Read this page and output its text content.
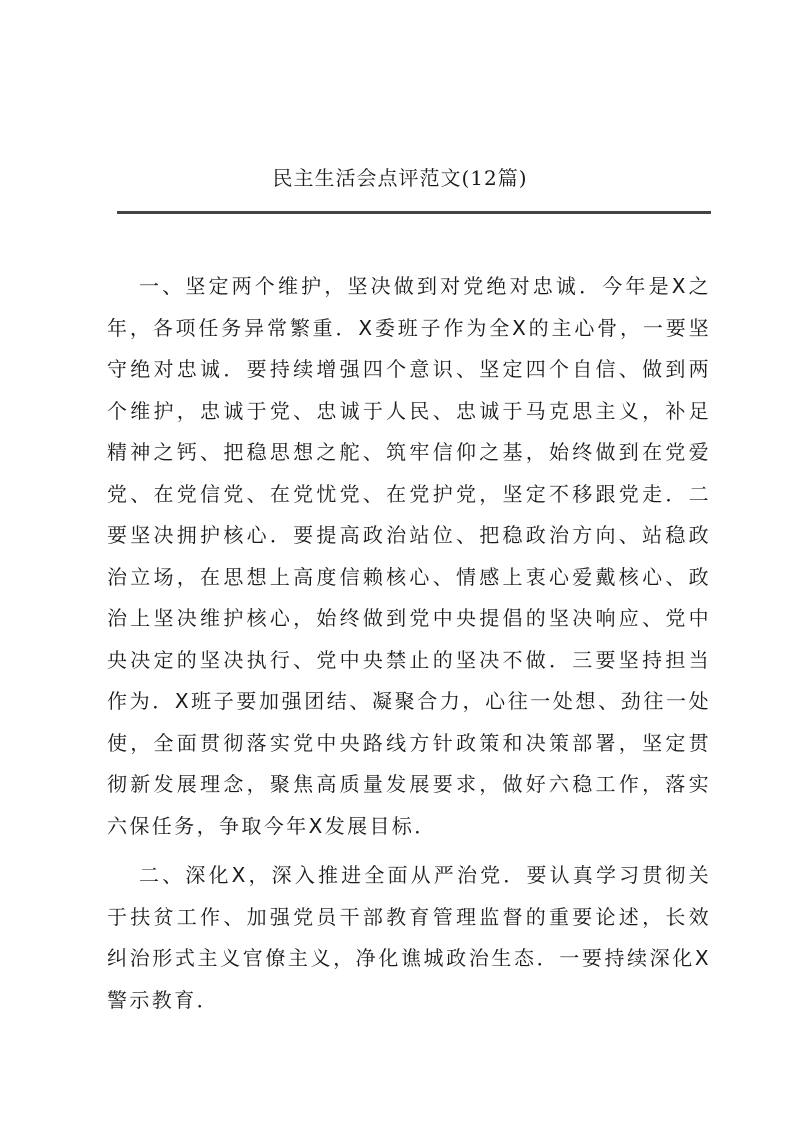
民主生活会点评范文(12篇)

一、坚定两个维护，坚决做到对党绝对忠诚．今年是X之年，各项任务异常繁重．X委班子作为全X的主心骨，一要坚守绝对忠诚．要持续增强四个意识、坚定四个自信、做到两个维护，忠诚于党、忠诚于人民、忠诚于马克思主义，补足精神之钙、把稳思想之舵、筑牢信仰之基，始终做到在党爱党、在党信党、在党忧党、在党护党，坚定不移跟党走．二要坚决拥护核心．要提高政治站位、把稳政治方向、站稳政治立场，在思想上高度信赖核心、情感上衷心爱戴核心、政治上坚决维护核心，始终做到党中央提倡的坚决响应、党中央决定的坚决执行、党中央禁止的坚决不做．三要坚持担当作为．X班子要加强团结、凝聚合力，心往一处想、劲往一处使，全面贯彻落实党中央路线方针政策和决策部署，坚定贯彻新发展理念，聚焦高质量发展要求，做好六稳工作，落实六保任务，争取今年X发展目标．

二、深化X，深入推进全面从严治党．要认真学习贯彻关于扶贫工作、加强党员干部教育管理监督的重要论述，长效纠治形式主义官僚主义，净化谯城政治生态．一要持续深化X警示教育．
